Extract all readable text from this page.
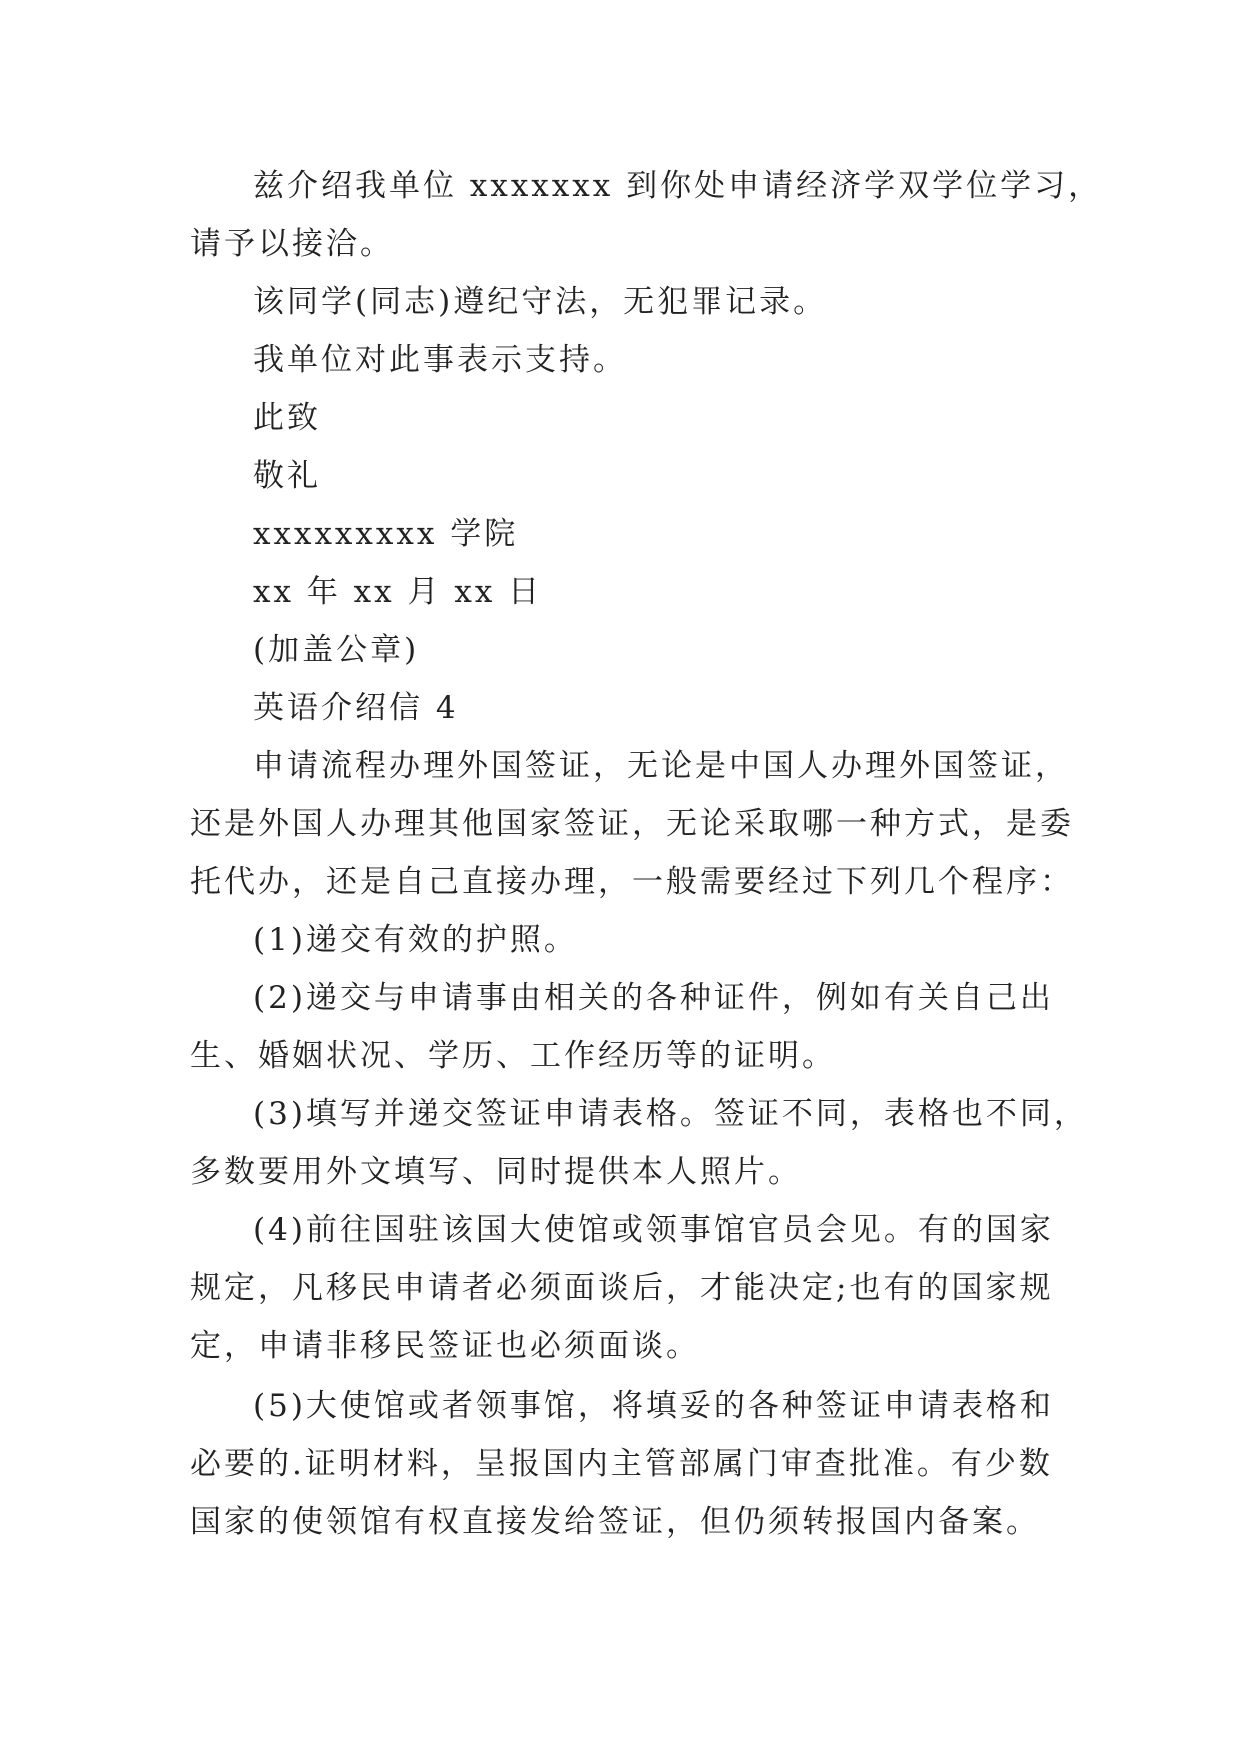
兹介绍我单位 xxxxxxx 到你处申请经济学双学位学习，
请予以接洽。
该同学(同志)遵纪守法，无犯罪记录。
我单位对此事表示支持。
此致
敬礼
xxxxxxxxx 学院
xx 年 xx 月 xx 日
(加盖公章)
英语介绍信 4
申请流程办理外国签证，无论是中国人办理外国签证，
还是外国人办理其他国家签证，无论采取哪一种方式，是委
托代办，还是自己直接办理，一般需要经过下列几个程序：
(1)递交有效的护照。
(2)递交与申请事由相关的各种证件，例如有关自己出
生、婚姻状况、学历、工作经历等的证明。
(3)填写并递交签证申请表格。签证不同，表格也不同，
多数要用外文填写、同时提供本人照片。
(4)前往国驻该国大使馆或领事馆官员会见。有的国家
规定，凡移民申请者必须面谈后，才能决定;也有的国家规
定，申请非移民签证也必须面谈。
(5)大使馆或者领事馆，将填妥的各种签证申请表格和
必要的.证明材料，呈报国内主管部属门审查批准。有少数
国家的使领馆有权直接发给签证，但仍须转报国内备案。
